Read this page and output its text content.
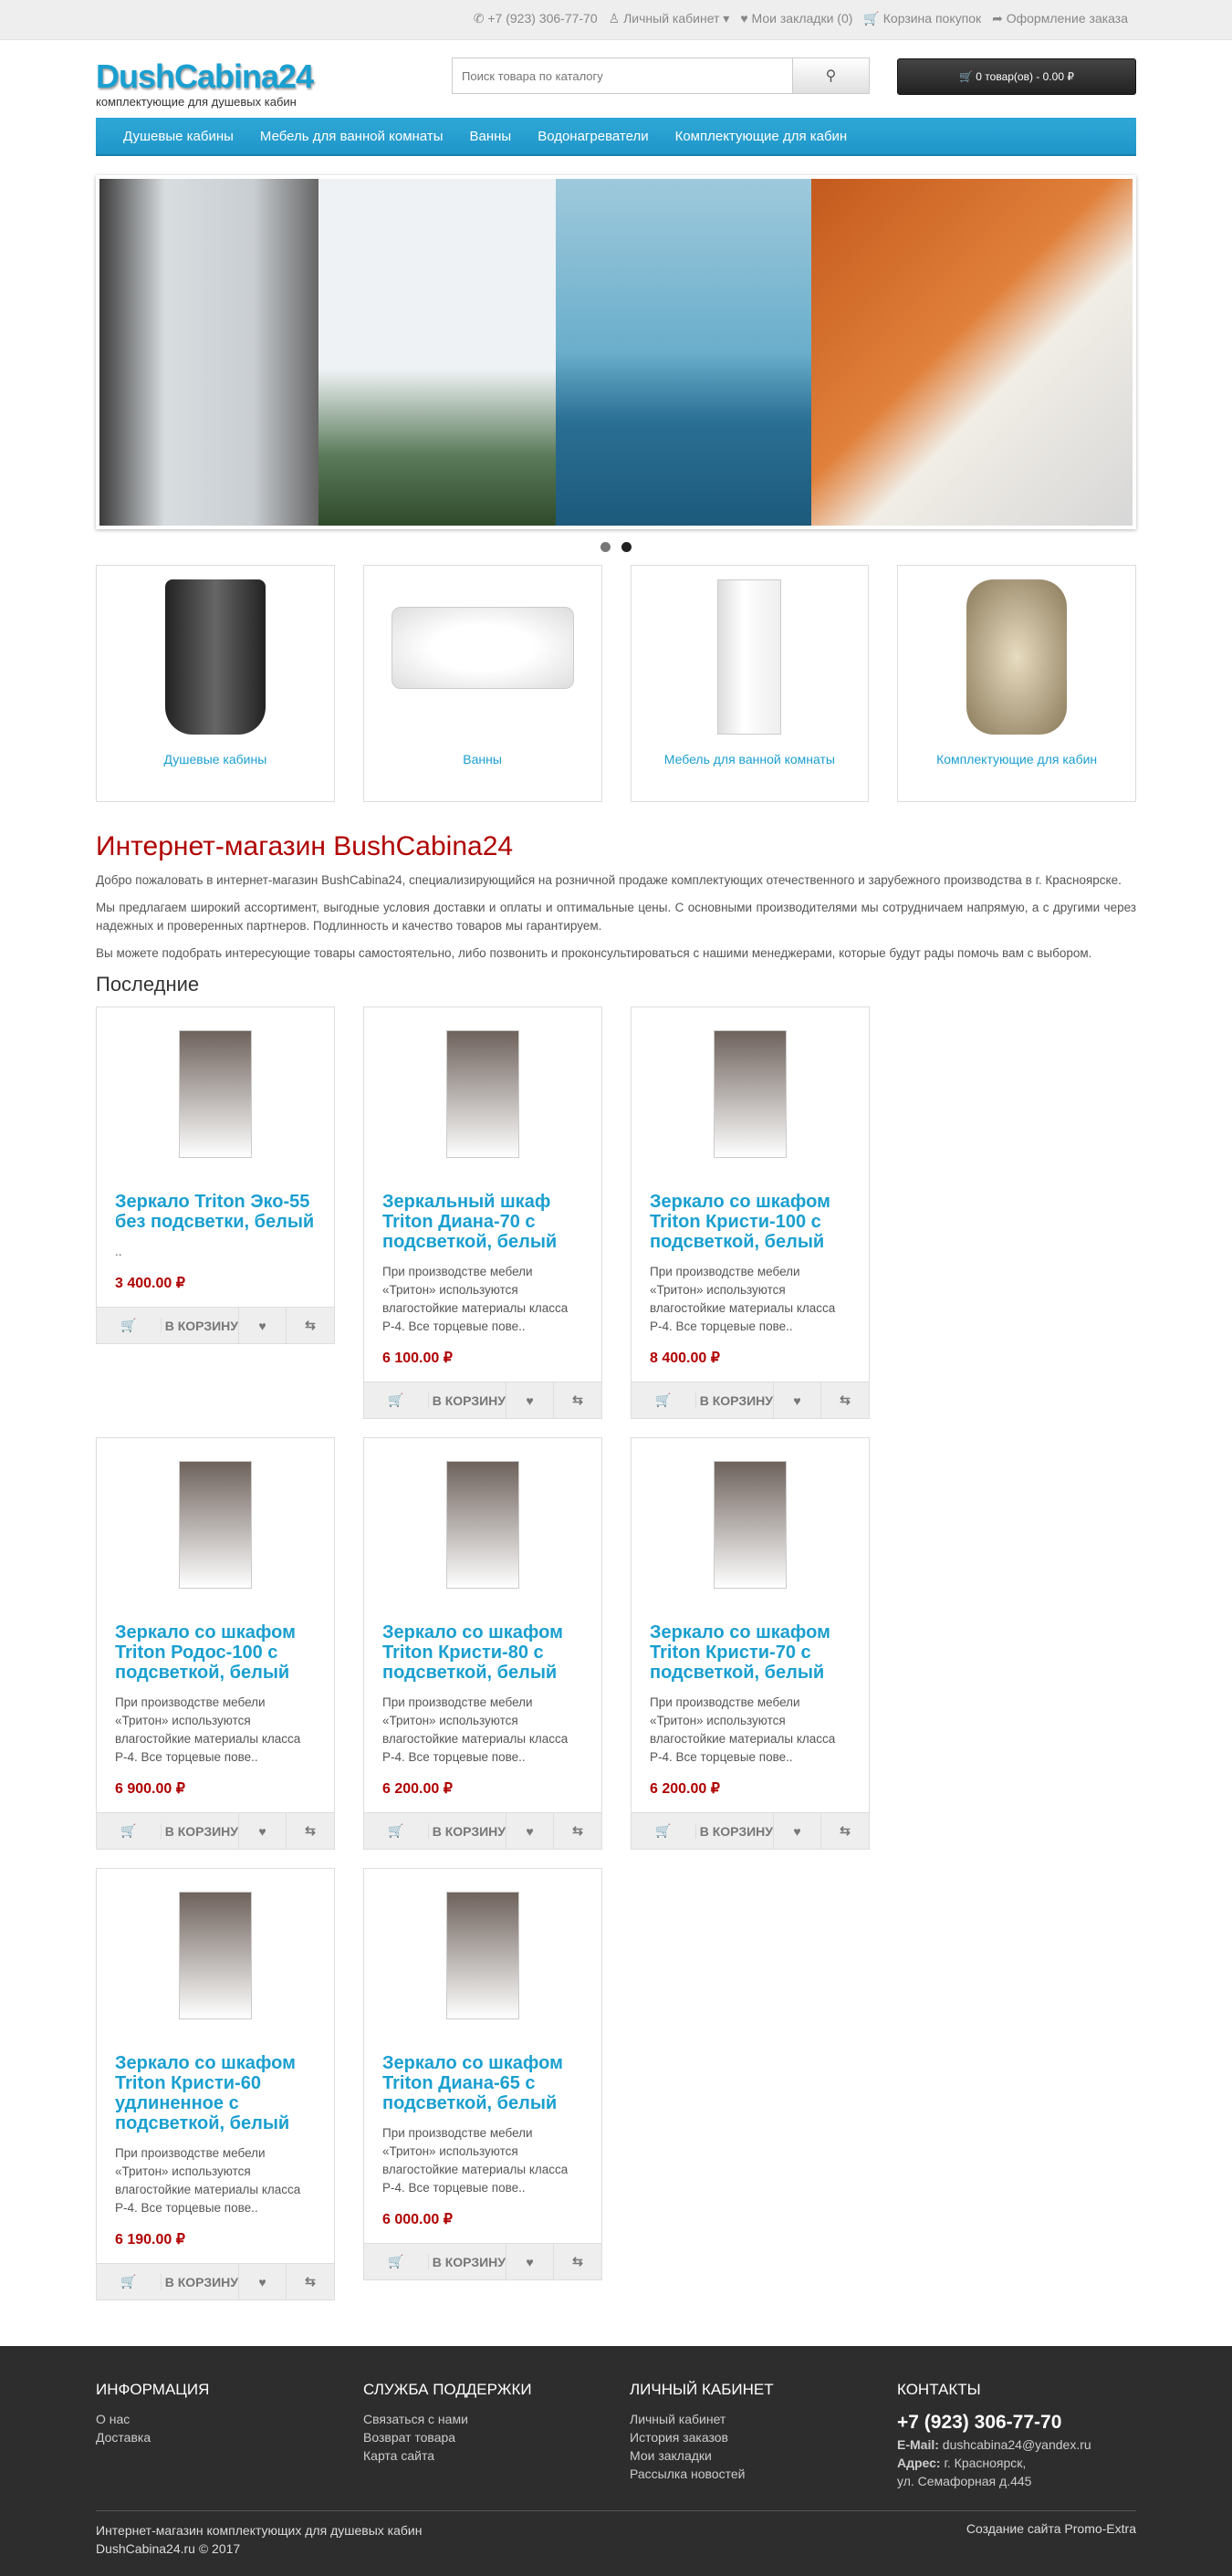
✆ +7 (923) 306-77-70 ♙ Личный кабинет ▾ ♥ Мои закладки (0) 🛒 Корзина покупок ➦ Оформление заказа
DushCabina24
комплектующие для душевых кабин
Поиск товара по каталогу
⚲	🛒 0 товар(ов) - 0.00 ₽
Душевые кабины Мебель для ванной комнаты Ванны Водонагреватели Комплектующие для кабин
Душевые кабины	Ванны	Мебель для ванной комнаты	Комплектующие для кабин
Интернет-магазин BushCabina24

Добро пожаловать в интернет-магазин BushCabina24, специализирующийся на розничной продаже комплектующих отечественного и зарубежного производства в г. Красноярске.

Мы предлагаем широкий ассортимент, выгодные условия доставки и оплаты и оптимальные цены. С основными производителями мы сотрудничаем напрямую, а с другими через надежных и проверенных партнеров. Подлинность и качество товаров мы гарантируем.

Вы можете подобрать интересующие товары самостоятельно, либо позвонить и проконсультироваться с нашими менеджерами, которые будут рады помочь вам с выбором.

Последние
Зеркало Triton Эко-55 без подсветки, белый
..
3 400.00 ₽
🛒
	В КОРЗИНУ	♥	⇆
Зеркальный шкаф Triton Диана-70 с подсветкой, белый
При производстве мебели «Тритон» используются влагостойкие материалы класса Р-4. Все торцевые пове..
6 100.00 ₽
🛒
	В КОРЗИНУ	♥	⇆
Зеркало со шкафом Triton Кристи-100 с подсветкой, белый
При производстве мебели «Тритон» используются влагостойкие материалы класса Р-4. Все торцевые пове..
8 400.00 ₽
🛒
	В КОРЗИНУ	♥	⇆
Зеркало со шкафом Triton Родос-100 с подсветкой, белый
При производстве мебели «Тритон» используются влагостойкие материалы класса Р-4. Все торцевые пове..
6 900.00 ₽
🛒
	В КОРЗИНУ	♥	⇆
Зеркало со шкафом Triton Кристи-80 с подсветкой, белый
При производстве мебели «Тритон» используются влагостойкие материалы класса Р-4. Все торцевые пове..
6 200.00 ₽
🛒
	В КОРЗИНУ	♥	⇆
Зеркало со шкафом Triton Кристи-70 с подсветкой, белый
При производстве мебели «Тритон» используются влагостойкие материалы класса Р-4. Все торцевые пове..
6 200.00 ₽
🛒
	В КОРЗИНУ	♥	⇆
Зеркало со шкафом Triton Кристи-60 удлиненное с подсветкой, белый
При производстве мебели «Тритон» используются влагостойкие материалы класса Р-4. Все торцевые пове..
6 190.00 ₽
🛒
	В КОРЗИНУ	♥	⇆
Зеркало со шкафом Triton Диана-65 с подсветкой, белый
При производстве мебели «Тритон» используются влагостойкие материалы класса Р-4. Все торцевые пове..
6 000.00 ₽
🛒
	В КОРЗИНУ	♥	⇆
ИНФОРМАЦИЯ
О нас
Доставка
СЛУЖБА ПОДДЕРЖКИ
Связаться с нами
Возврат товара
Карта сайта
ЛИЧНЫЙ КАБИНЕТ
Личный кабинет
История заказов
Мои закладки
Рассылка новостей
КОНТАКТЫ
+7 (923) 306-77-70
E-Mail: dushcabina24@yandex.ru
Адрес: г. Красноярск,
ул. Семафорная д.445
Интернет-магазин комплектующих для душевых кабин
DushCabina24.ru © 2017
Создание сайта Promo-Extra
